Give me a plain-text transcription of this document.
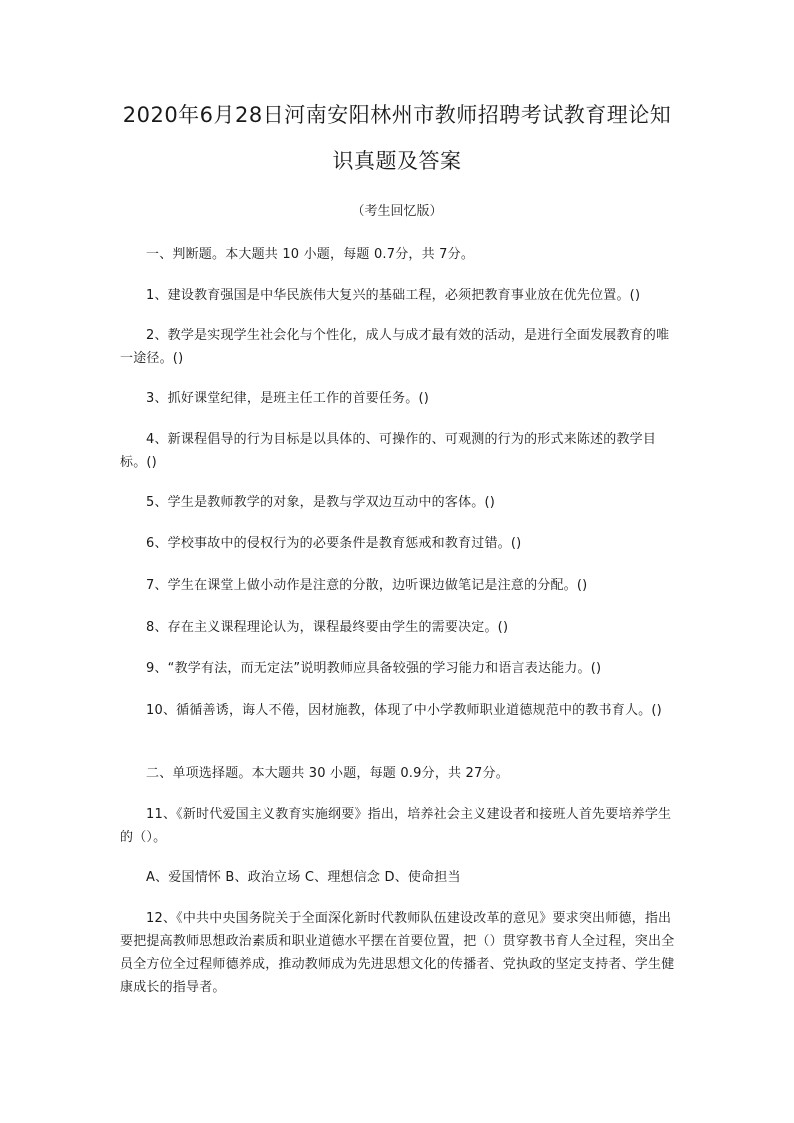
2020年6月28日河南安阳林州市教师招聘考试教育理论知
识真题及答案
（考生回忆版）

一、判断题。本大题共 10 小题，每题 0.7分，共 7分。

1、建设教育强国是中华民族伟大复兴的基础工程，必须把教育事业放在优先位置。()

2、教学是实现学生社会化与个性化，成人与成才最有效的活动，是进行全面发展教育的唯一途径。()

3、抓好课堂纪律，是班主任工作的首要任务。()

4、新课程倡导的行为目标是以具体的、可操作的、可观测的行为的形式来陈述的教学目标。()

5、学生是教师教学的对象，是教与学双边互动中的客体。()

6、学校事故中的侵权行为的必要条件是教育惩戒和教育过错。()

7、学生在课堂上做小动作是注意的分散，边听课边做笔记是注意的分配。()

8、存在主义课程理论认为，课程最终要由学生的需要决定。()

9、“教学有法，而无定法”说明教师应具备较强的学习能力和语言表达能力。()

10、循循善诱，诲人不倦，因材施教，体现了中小学教师职业道德规范中的教书育人。()

二、单项选择题。本大题共 30 小题，每题 0.9分，共 27分。

11、《新时代爱国主义教育实施纲要》指出，培养社会主义建设者和接班人首先要培养学生的（）。

A、爱国情怀 B、政治立场 C、理想信念 D、使命担当

12、《中共中央国务院关于全面深化新时代教师队伍建设改革的意见》要求突出师德，指出要把提高教师思想政治素质和职业道德水平摆在首要位置，把（）贯穿教书育人全过程，突出全员全方位全过程师德养成，推动教师成为先进思想文化的传播者、党执政的坚定支持者、学生健康成长的指导者。
